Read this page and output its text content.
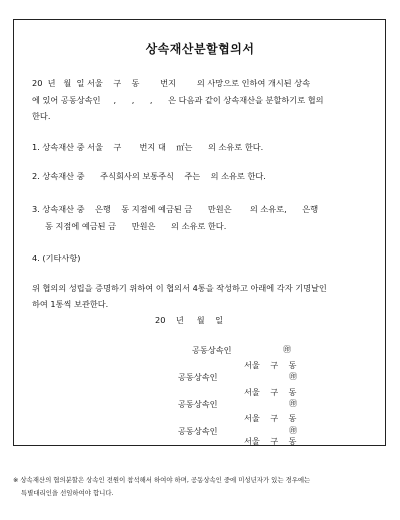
상속재산분할협의서
20  년   월  일 서울    구    동        번지        의 사망으로 인하여 개시된 상속
에 있어 공동상속인     ,      ,      ,      은 다음과 같이 상속재산을 분할하기로 협의
한다.
1. 상속재산 중 서울    구       번지 대    ㎡는      의 소유로 한다.
2. 상속재산 중      주식회사의 보통주식    주는    의 소유로 한다.
3. 상속재산 중    은행    동 지점에 예금된 금      만원은       의 소유로,      은행
동 지점에 예금된 금      만원은      의 소유로 한다.
4. (기타사항)
위 협의의 성립을 증명하기 위하여 이 협의서 4통을 작성하고 아래에 각자 기명날인
하여 1통씩 보관한다.
20    년     월    일
공동상속인	㊞
서울    구    동
공동상속인	㊞
서울    구    동
공동상속인	㊞
서울    구    동
공동상속인	㊞
서울    구    동
※ 상속재산의 협의분할은 상속인 전원이 참석해서 하여야 하며, 공동상속인 중에 미성년자가 있는 경우에는
특별대리인을 선임하여야 합니다.
